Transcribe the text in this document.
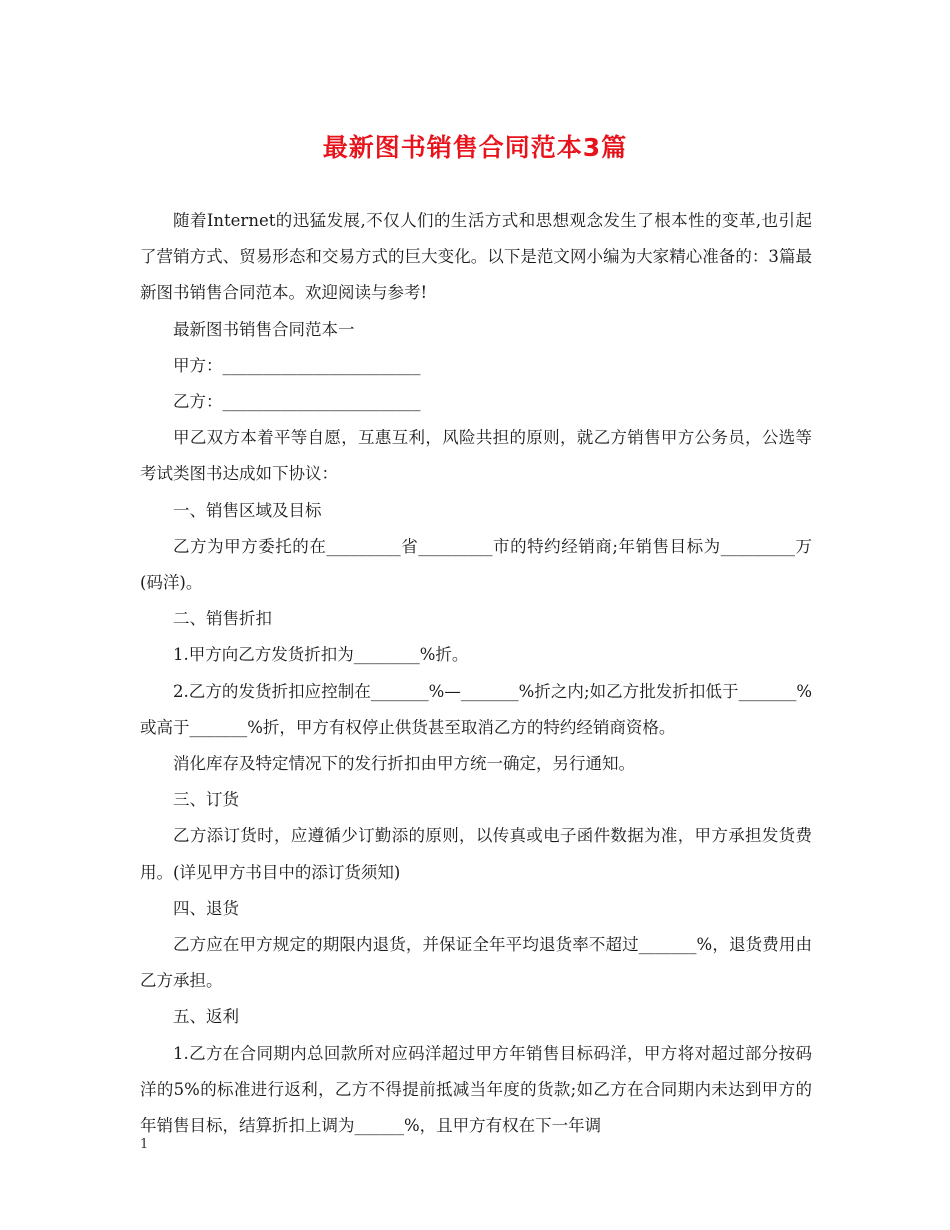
最新图书销售合同范本3篇

随着Internet的迅猛发展,不仅人们的生活方式和思想观念发生了根本性的变革,也引起了营销方式、贸易形态和交易方式的巨大变化。以下是范文网小编为大家精心准备的：3篇最新图书销售合同范本。欢迎阅读与参考!

最新图书销售合同范本一

甲方：________________________

乙方：________________________

甲乙双方本着平等自愿，互惠互利，风险共担的原则，就乙方销售甲方公务员，公选等考试类图书达成如下协议：

一、销售区域及目标

乙方为甲方委托的在_________省_________市的特约经销商;年销售目标为_________万(码洋)。

二、销售折扣

1.甲方向乙方发货折扣为________%折。

2.乙方的发货折扣应控制在_______%—_______%折之内;如乙方批发折扣低于_______%或高于_______%折，甲方有权停止供货甚至取消乙方的特约经销商资格。

消化库存及特定情况下的发行折扣由甲方统一确定，另行通知。

三、订货

乙方添订货时，应遵循少订勤添的原则，以传真或电子函件数据为准，甲方承担发货费用。(详见甲方书目中的添订货须知)

四、退货

乙方应在甲方规定的期限内退货，并保证全年平均退货率不超过_______%，退货费用由乙方承担。

五、返利

1.乙方在合同期内总回款所对应码洋超过甲方年销售目标码洋，甲方将对超过部分按码洋的5%的标准进行返利，乙方不得提前抵减当年度的货款;如乙方在合同期内未达到甲方的年销售目标，结算折扣上调为______%，且甲方有权在下一年调

1
